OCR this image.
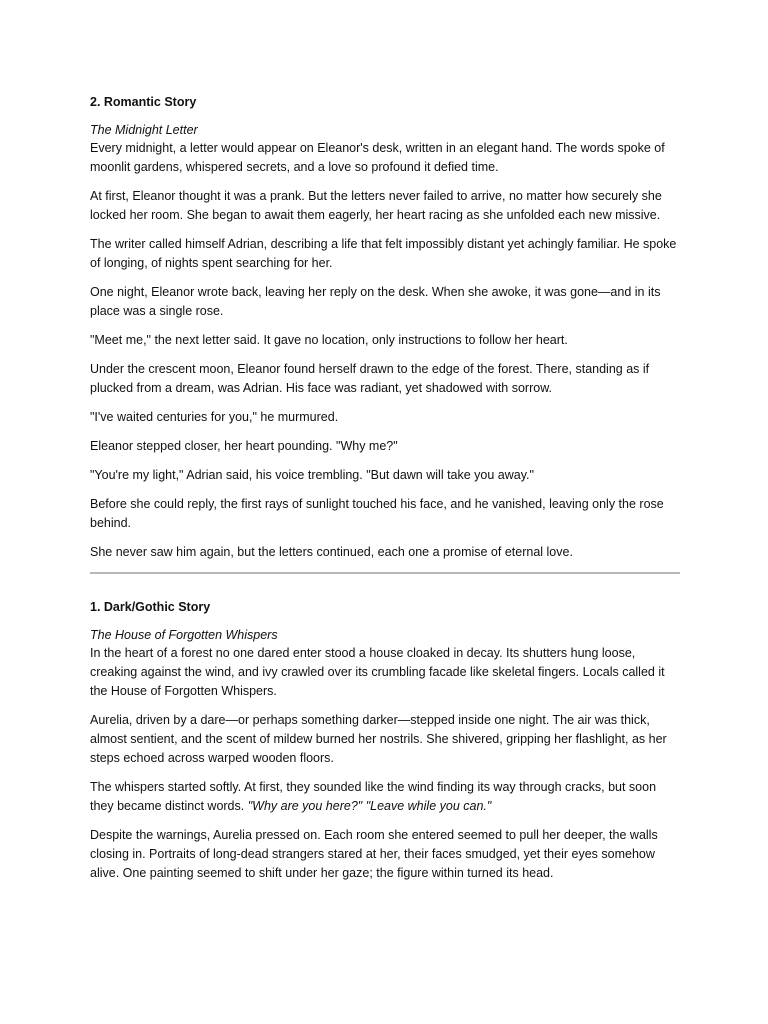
2. Romantic Story
The Midnight Letter

Every midnight, a letter would appear on Eleanor's desk, written in an elegant hand. The words spoke of moonlit gardens, whispered secrets, and a love so profound it defied time.

At first, Eleanor thought it was a prank. But the letters never failed to arrive, no matter how securely she locked her room. She began to await them eagerly, her heart racing as she unfolded each new missive.

The writer called himself Adrian, describing a life that felt impossibly distant yet achingly familiar. He spoke of longing, of nights spent searching for her.

One night, Eleanor wrote back, leaving her reply on the desk. When she awoke, it was gone—and in its place was a single rose.

"Meet me," the next letter said. It gave no location, only instructions to follow her heart.

Under the crescent moon, Eleanor found herself drawn to the edge of the forest. There, standing as if plucked from a dream, was Adrian. His face was radiant, yet shadowed with sorrow.

"I've waited centuries for you," he murmured.

Eleanor stepped closer, her heart pounding. "Why me?"

"You're my light," Adrian said, his voice trembling. "But dawn will take you away."

Before she could reply, the first rays of sunlight touched his face, and he vanished, leaving only the rose behind.

She never saw him again, but the letters continued, each one a promise of eternal love.

1. Dark/Gothic Story
The House of Forgotten Whispers

In the heart of a forest no one dared enter stood a house cloaked in decay. Its shutters hung loose, creaking against the wind, and ivy crawled over its crumbling facade like skeletal fingers. Locals called it the House of Forgotten Whispers.

Aurelia, driven by a dare—or perhaps something darker—stepped inside one night. The air was thick, almost sentient, and the scent of mildew burned her nostrils. She shivered, gripping her flashlight, as her steps echoed across warped wooden floors.

The whispers started softly. At first, they sounded like the wind finding its way through cracks, but soon they became distinct words. "Why are you here?" "Leave while you can."

Despite the warnings, Aurelia pressed on. Each room she entered seemed to pull her deeper, the walls closing in. Portraits of long-dead strangers stared at her, their faces smudged, yet their eyes somehow alive. One painting seemed to shift under her gaze; the figure within turned its head.
